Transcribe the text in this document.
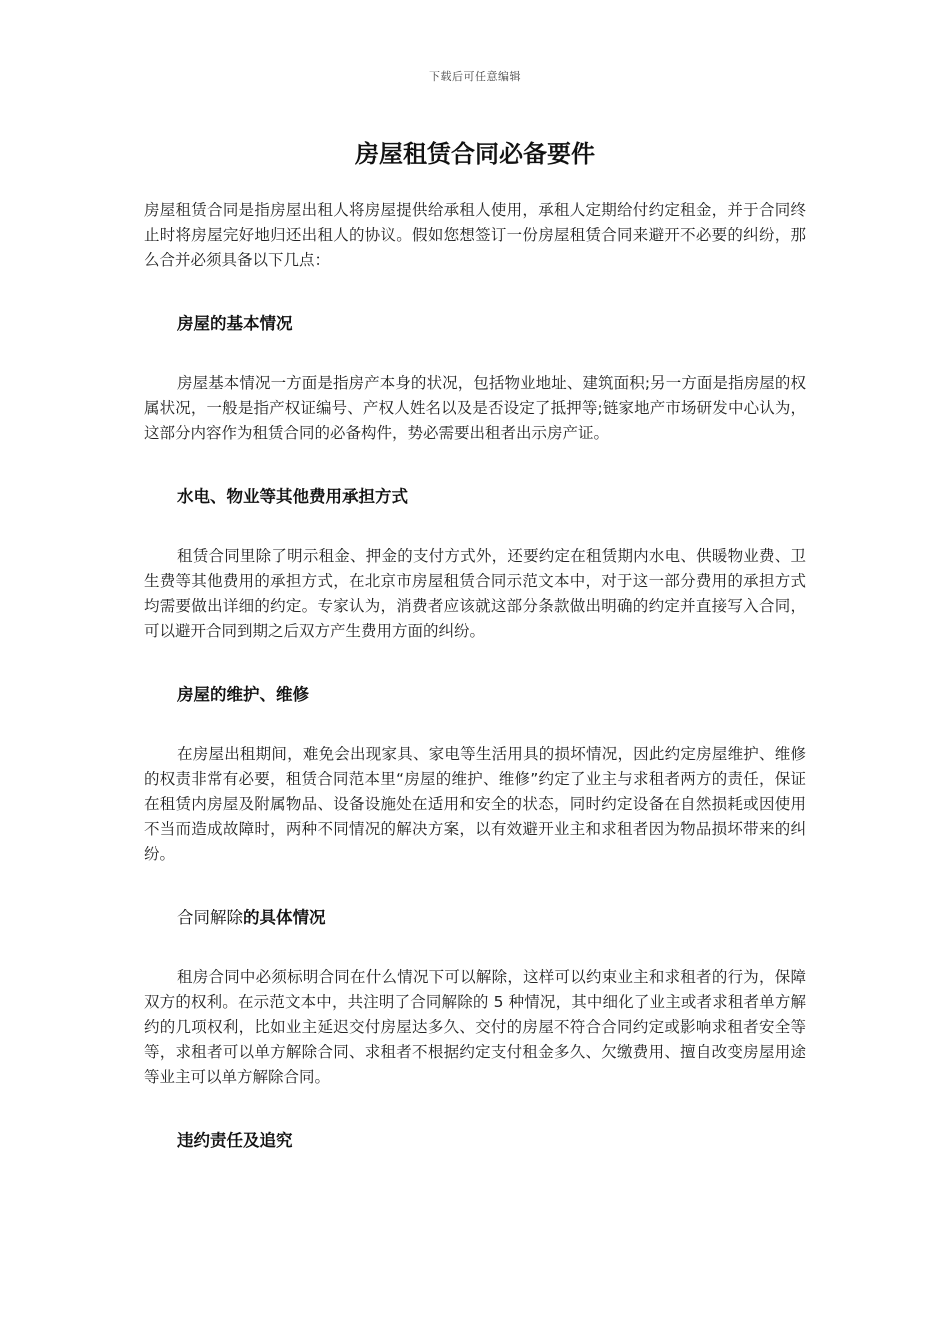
下载后可任意编辑
房屋租赁合同必备要件

房屋租赁合同是指房屋出租人将房屋提供给承租人使用，承租人定期给付约定租金，并于合同终止时将房屋完好地归还出租人的协议。假如您想签订一份房屋租赁合同来避开不必要的纠纷，那么合并必须具备以下几点：

房屋的基本情况

房屋基本情况一方面是指房产本身的状况，包括物业地址、建筑面积;另一方面是指房屋的权属状况，一般是指产权证编号、产权人姓名以及是否设定了抵押等;链家地产市场研发中心认为，这部分内容作为租赁合同的必备构件，势必需要出租者出示房产证。

水电、物业等其他费用承担方式

租赁合同里除了明示租金、押金的支付方式外，还要约定在租赁期内水电、供暖物业费、卫生费等其他费用的承担方式，在北京市房屋租赁合同示范文本中，对于这一部分费用的承担方式均需要做出详细的约定。专家认为，消费者应该就这部分条款做出明确的约定并直接写入合同，可以避开合同到期之后双方产生费用方面的纠纷。

房屋的维护、维修

在房屋出租期间，难免会出现家具、家电等生活用具的损坏情况，因此约定房屋维护、维修的权责非常有必要，租赁合同范本里“房屋的维护、维修”约定了业主与求租者两方的责任，保证在租赁内房屋及附属物品、设备设施处在适用和安全的状态，同时约定设备在自然损耗或因使用不当而造成故障时，两种不同情况的解决方案，以有效避开业主和求租者因为物品损坏带来的纠纷。

合同解除的具体情况

租房合同中必须标明合同在什么情况下可以解除，这样可以约束业主和求租者的行为，保障双方的权利。在示范文本中，共注明了合同解除的 5 种情况，其中细化了业主或者求租者单方解约的几项权利，比如业主延迟交付房屋达多久、交付的房屋不符合合同约定或影响求租者安全等等，求租者可以单方解除合同、求租者不根据约定支付租金多久、欠缴费用、擅自改变房屋用途等业主可以单方解除合同。

违约责任及追究
